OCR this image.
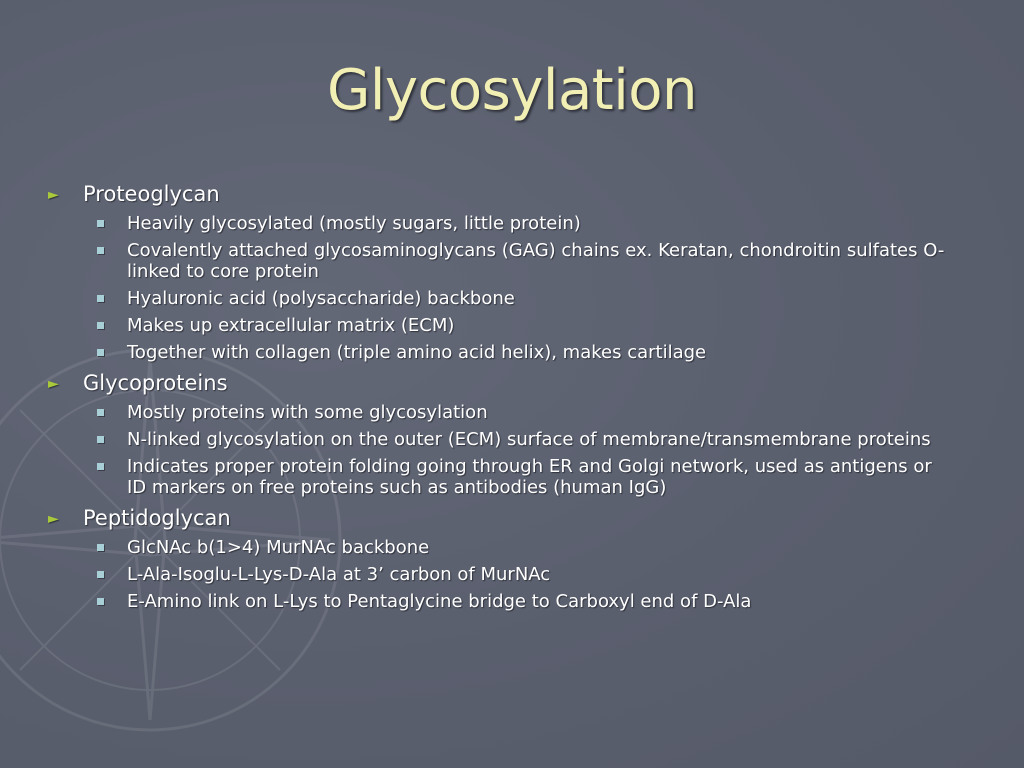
Glycosylation
►	Proteoglycan
Heavily glycosylated (mostly sugars, little protein)
Covalently attached glycosaminoglycans (GAG) chains ex. Keratan, chondroitin sulfates O-linked to core protein
Hyaluronic acid (polysaccharide) backbone
Makes up extracellular matrix (ECM)
Together with collagen (triple amino acid helix), makes cartilage
►	Glycoproteins
Mostly proteins with some glycosylation
N-linked glycosylation on the outer (ECM) surface of membrane/transmembrane proteins
Indicates proper protein folding going through ER and Golgi network, used as antigens or ID markers on free proteins such as antibodies (human IgG)
►	Peptidoglycan
GlcNAc b(1>4) MurNAc backbone
L-Ala-Isoglu-L-Lys-D-Ala at 3’ carbon of MurNAc
E-Amino link on L-Lys to Pentaglycine bridge to Carboxyl end of D-Ala
